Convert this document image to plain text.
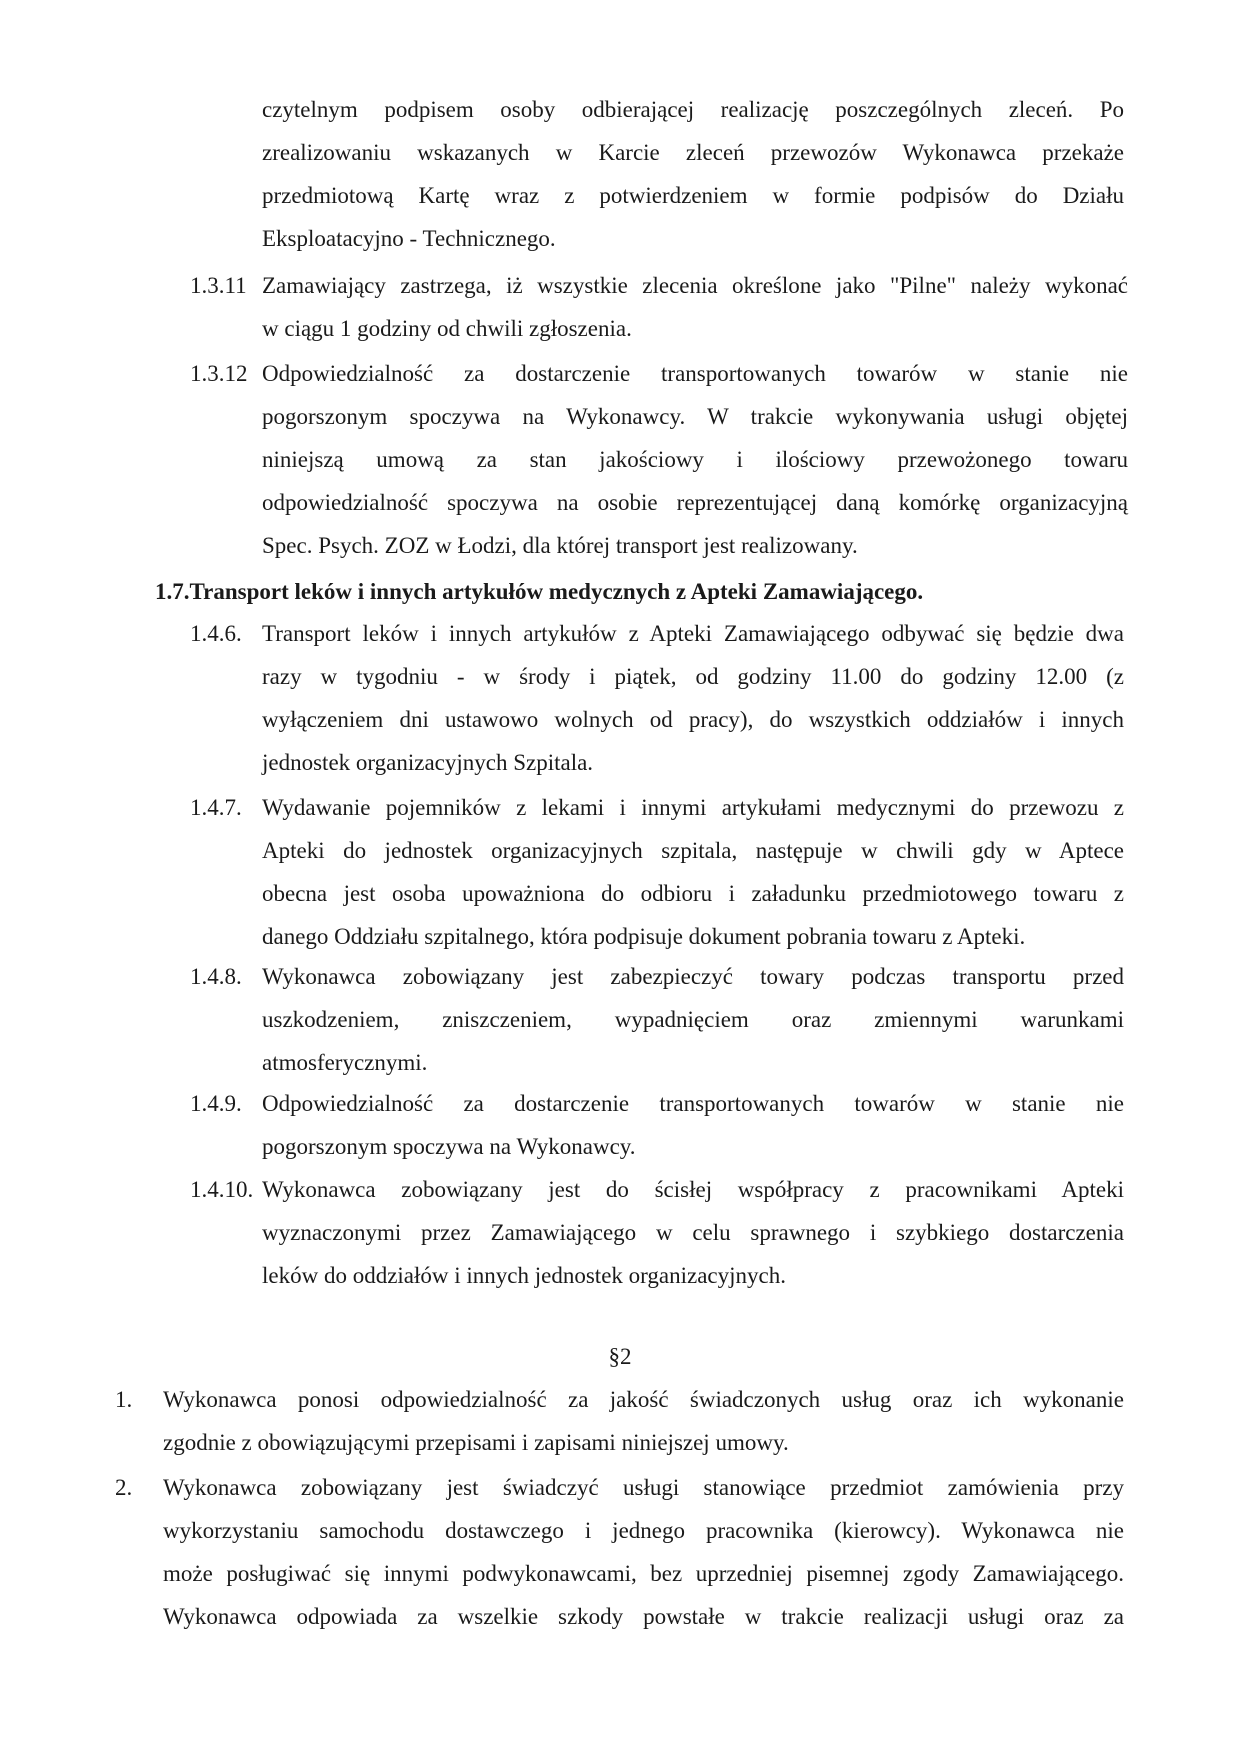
czytelnym podpisem osoby odbierającej realizację poszczególnych zleceń. Po
zrealizowaniu wskazanych w Karcie zleceń przewozów Wykonawca przekaże
przedmiotową Kartę wraz z potwierdzeniem w formie podpisów do Działu
Eksploatacyjno - Technicznego.
1.3.11 Zamawiający zastrzega, iż wszystkie zlecenia określone jako "Pilne" należy wykonać
w ciągu 1 godziny od chwili zgłoszenia.
1.3.12 Odpowiedzialność za dostarczenie transportowanych towarów w stanie nie
pogorszonym spoczywa na Wykonawcy. W trakcie wykonywania usługi objętej
niniejszą umową za stan jakościowy i ilościowy przewożonego towaru
odpowiedzialność spoczywa na osobie reprezentującej daną komórkę organizacyjną
Spec. Psych. ZOZ w Łodzi, dla której transport jest realizowany.
1.7.Transport leków i innych artykułów medycznych z Apteki Zamawiającego.
1.4.6. Transport leków i innych artykułów z Apteki Zamawiającego odbywać się będzie dwa
razy w tygodniu - w środy i piątek, od godziny 11.00 do godziny 12.00 (z
wyłączeniem dni ustawowo wolnych od pracy), do wszystkich oddziałów i innych
jednostek organizacyjnych Szpitala.
1.4.7. Wydawanie pojemników z lekami i innymi artykułami medycznymi do przewozu z
Apteki do jednostek organizacyjnych szpitala, następuje w chwili gdy w Aptece
obecna jest osoba upoważniona do odbioru i załadunku przedmiotowego towaru z
danego Oddziału szpitalnego, która podpisuje dokument pobrania towaru z Apteki.
1.4.8. Wykonawca zobowiązany jest zabezpieczyć towary podczas transportu przed
uszkodzeniem, zniszczeniem, wypadnięciem oraz zmiennymi warunkami
atmosferycznymi.
1.4.9. Odpowiedzialność za dostarczenie transportowanych towarów w stanie nie
pogorszonym spoczywa na Wykonawcy.
1.4.10. Wykonawca zobowiązany jest do ścisłej współpracy z pracownikami Apteki
wyznaczonymi przez Zamawiającego w celu sprawnego i szybkiego dostarczenia
leków do oddziałów i innych jednostek organizacyjnych.
§2
1. Wykonawca ponosi odpowiedzialność za jakość świadczonych usług oraz ich wykonanie
zgodnie z obowiązującymi przepisami i zapisami niniejszej umowy.
2. Wykonawca zobowiązany jest świadczyć usługi stanowiące przedmiot zamówienia przy
wykorzystaniu samochodu dostawczego i jednego pracownika (kierowcy). Wykonawca nie
może posługiwać się innymi podwykonawcami, bez uprzedniej pisemnej zgody Zamawiającego.
Wykonawca odpowiada za wszelkie szkody powstałe w trakcie realizacji usługi oraz za
